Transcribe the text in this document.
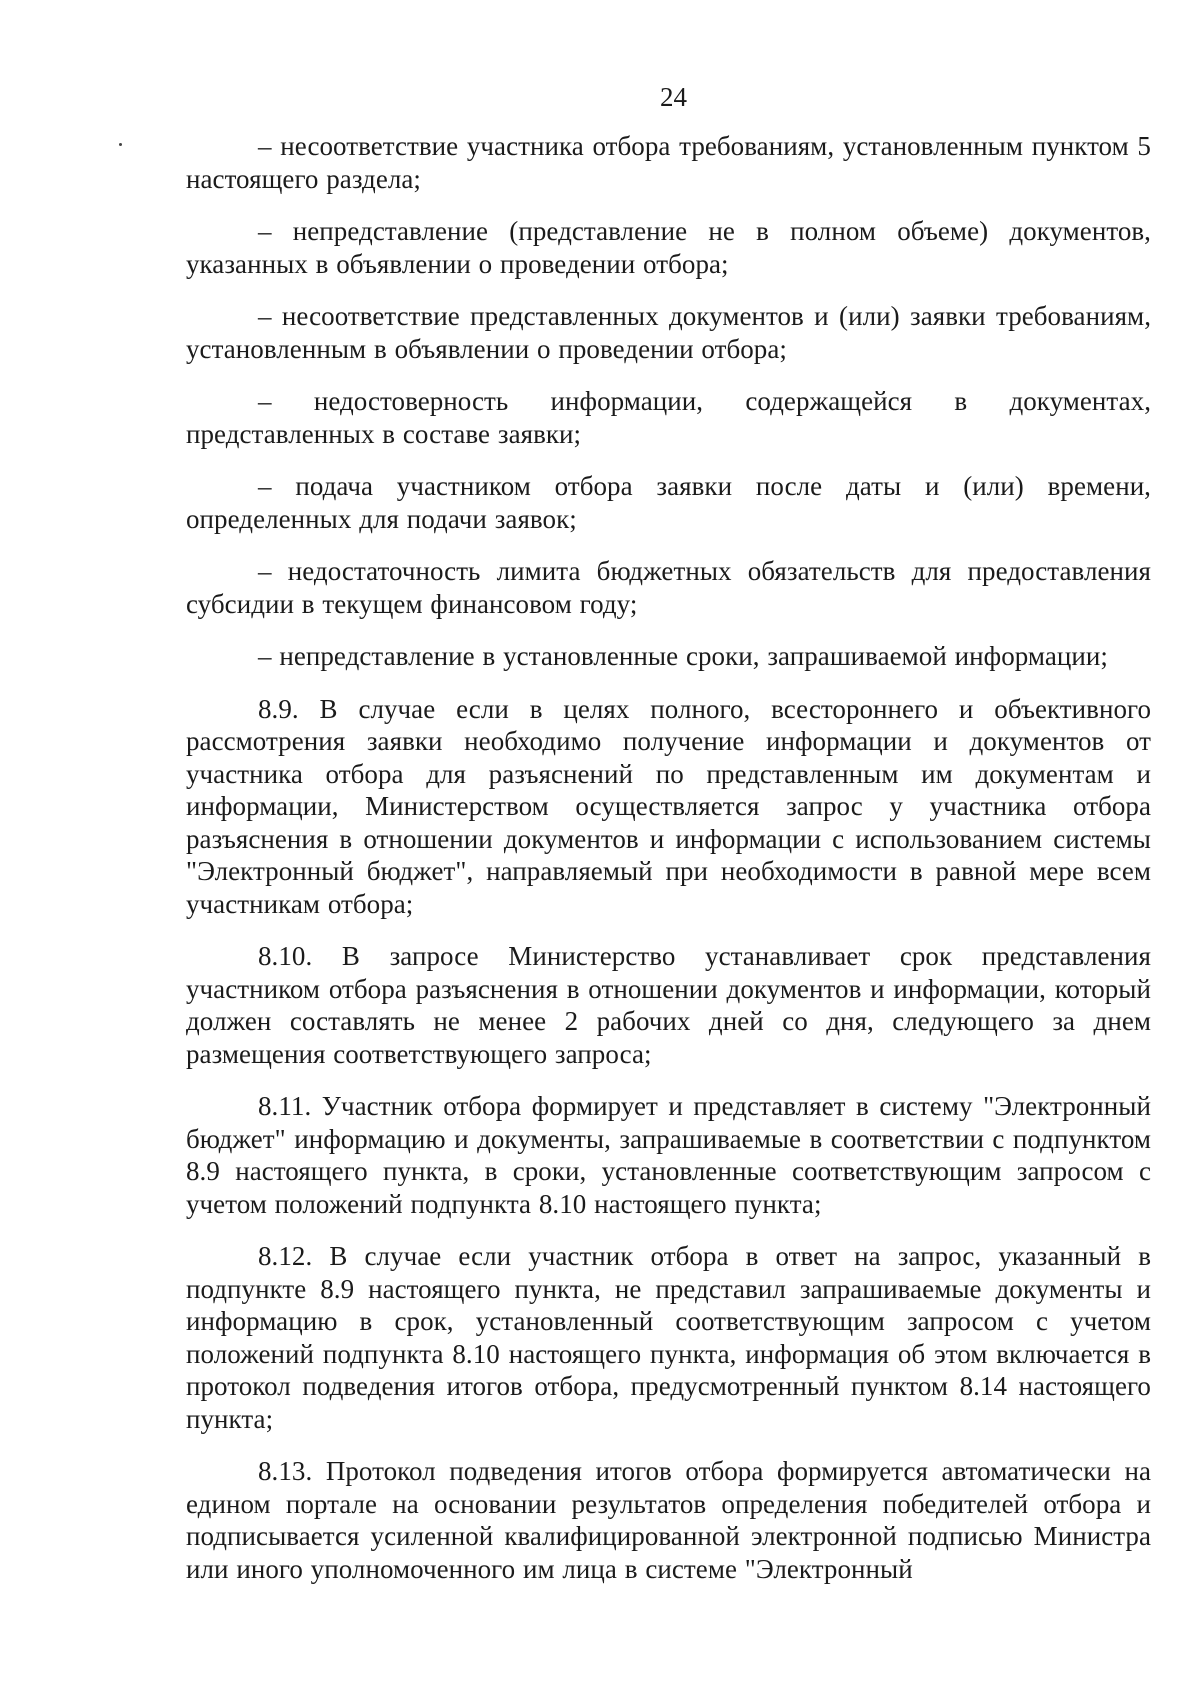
24

– несоответствие участника отбора требованиям, установленным пунктом 5 настоящего раздела;

– непредставление (представление не в полном объеме) документов, указанных в объявлении о проведении отбора;

– несоответствие представленных документов и (или) заявки требованиям, установленным в объявлении о проведении отбора;

– недостоверность информации, содержащейся в документах, представленных в составе заявки;

– подача участником отбора заявки после даты и (или) времени, определенных для подачи заявок;

– недостаточность лимита бюджетных обязательств для предоставления субсидии в текущем финансовом году;

– непредставление в установленные сроки, запрашиваемой информации;

8.9. В случае если в целях полного, всестороннего и объективного рассмотрения заявки необходимо получение информации и документов от участника отбора для разъяснений по представленным им документам и информации, Министерством осуществляется запрос у участника отбора разъяснения в отношении документов и информации с использованием системы "Электронный бюджет", направляемый при необходимости в равной мере всем участникам отбора;

8.10. В запросе Министерство устанавливает срок представления участником отбора разъяснения в отношении документов и информации, который должен составлять не менее 2 рабочих дней со дня, следующего за днем размещения соответствующего запроса;

8.11. Участник отбора формирует и представляет в систему "Электронный бюджет" информацию и документы, запрашиваемые в соответствии с подпунктом 8.9 настоящего пункта, в сроки, установленные соответствующим запросом с учетом положений подпункта 8.10 настоящего пункта;

8.12. В случае если участник отбора в ответ на запрос, указанный в подпункте 8.9 настоящего пункта, не представил запрашиваемые документы и информацию в срок, установленный соответствующим запросом с учетом положений подпункта 8.10 настоящего пункта, информация об этом включается в протокол подведения итогов отбора, предусмотренный пунктом 8.14 настоящего пункта;

8.13. Протокол подведения итогов отбора формируется автоматически на едином портале на основании результатов определения победителей отбора и подписывается усиленной квалифицированной электронной подписью Министра или иного уполномоченного им лица в системе "Электронный
